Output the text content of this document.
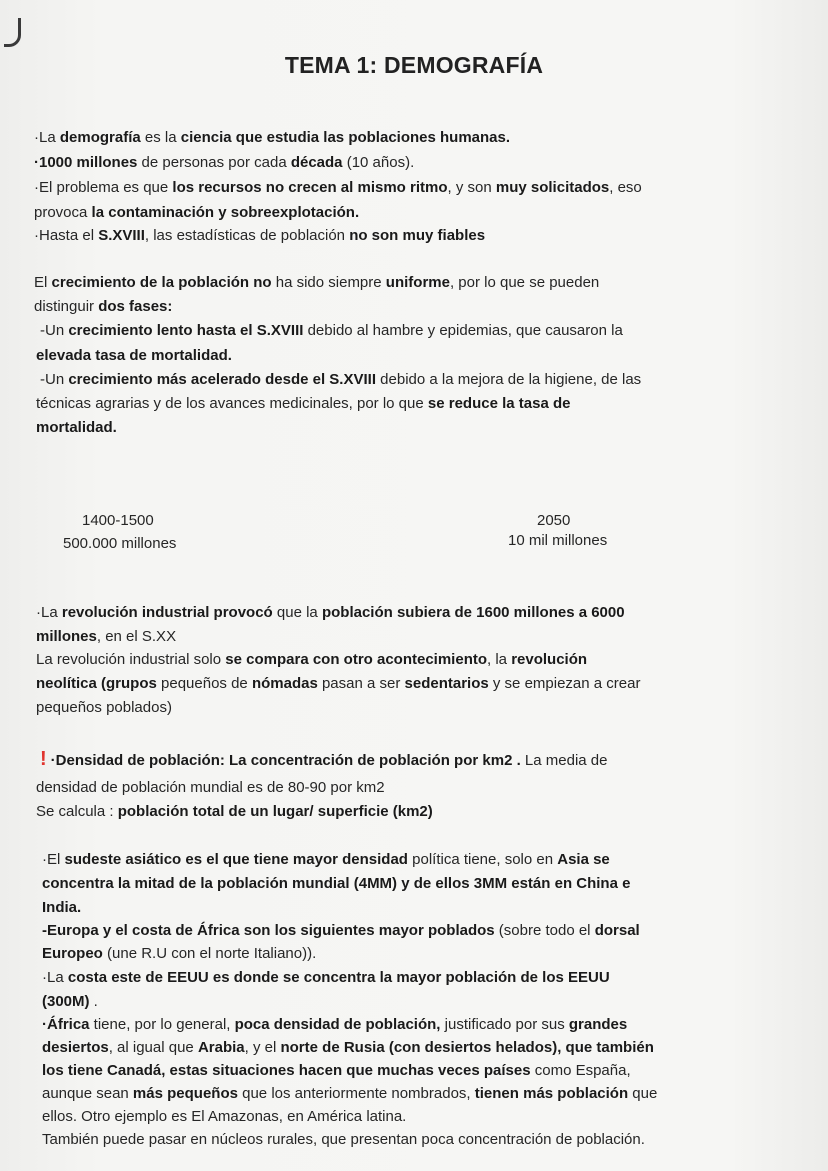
TEMA 1: DEMOGRAFÍA
·La demografía es la ciencia que estudia las poblaciones humanas.
·1000 millones de personas por cada década (10 años).
·El problema es que los recursos no crecen al mismo ritmo, y son muy solicitados, eso
provoca la contaminación y sobreexplotación.
·Hasta el S.XVIII, las estadísticas de población no son muy fiables
El crecimiento de la población no ha sido siempre uniforme, por lo que se pueden
distinguir dos fases:
-Un crecimiento lento hasta el S.XVIII debido al hambre y epidemias, que causaron la
elevada tasa de mortalidad.
-Un crecimiento más acelerado desde el S.XVIII debido a la mejora de la higiene, de las
técnicas agrarias y de los avances medicinales, por lo que se reduce la tasa de
mortalidad.
1400-1500	2050
500.000 millones	10 mil millones
·La revolución industrial provocó que la población subiera de 1600 millones a 6000
millones, en el S.XX
La revolución industrial solo se compara con otro acontecimiento, la revolución
neolítica (grupos pequeños de nómadas pasan a ser sedentarios y se empiezan a crear
pequeños poblados)
! ·Densidad de población: La concentración de población por km2 . La media de
densidad de población mundial es de 80-90 por km2
Se calcula : población total de un lugar/ superficie (km2)
·El sudeste asiático es el que tiene mayor densidad política tiene, solo en Asia se
concentra la mitad de la población mundial (4MM) y de ellos 3MM están en China e
India.
-Europa y el costa de África son los siguientes mayor poblados (sobre todo el dorsal
Europeo (une R.U con el norte Italiano)).
·La costa este de EEUU es donde se concentra la mayor población de los EEUU
(300M) .
·África tiene, por lo general, poca densidad de población, justificado por sus grandes
desiertos, al igual que Arabia, y el norte de Rusia (con desiertos helados), que también
los tiene Canadá, estas situaciones hacen que muchas veces países como España,
aunque sean más pequeños que los anteriormente nombrados, tienen más población que
ellos. Otro ejemplo es El Amazonas, en América latina.
También puede pasar en núcleos rurales, que presentan poca concentración de población.
